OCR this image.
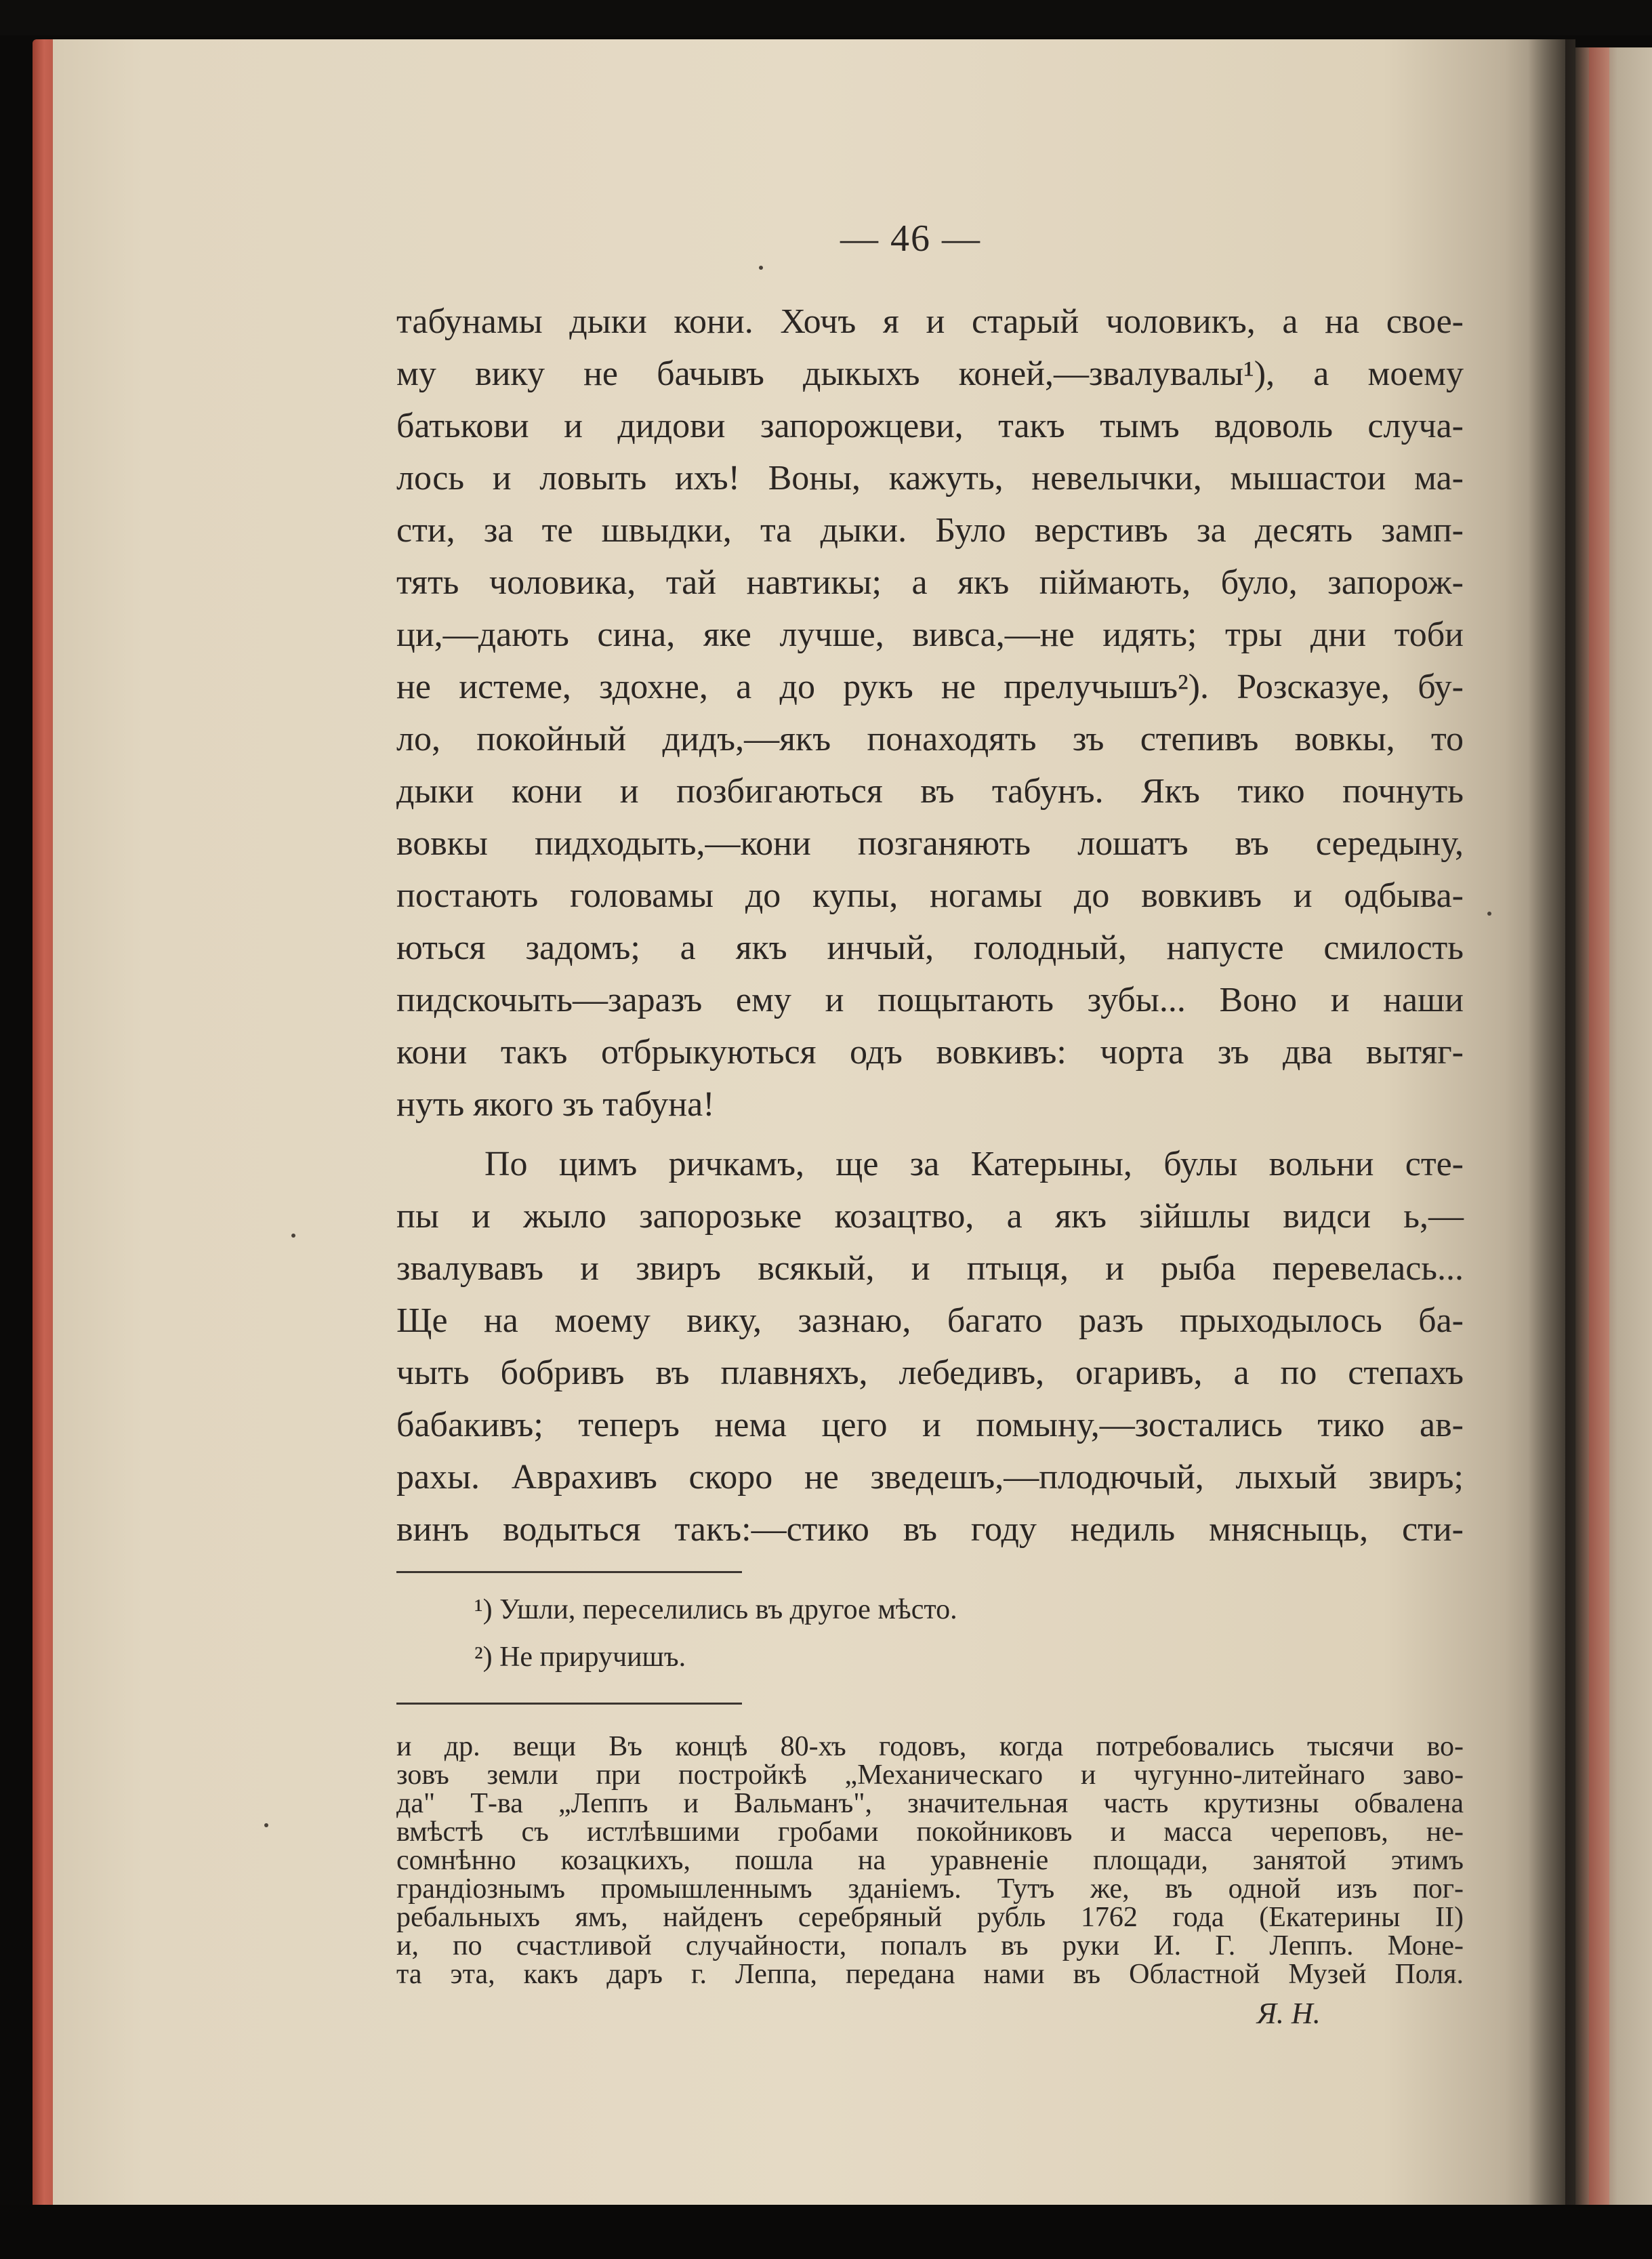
— 46 —
табунамы дыки кони. Хочъ я и старый чоловикъ, а на свое-
му вику не бачывъ дыкыхъ коней,—звалувалы¹), а моему
батькови и дидови запорожцеви, такъ тымъ вдоволь случа-
лось и ловыть ихъ! Воны, кажуть, невелычки, мышастои ма-
сти, за те швыдки, та дыки. Було верстивъ за десять замп-
тять чоловика, тай навтикы; а якъ пiймають, було, запорож-
ци,—дають сина, яке лучше, вивса,—не идять; тры дни тоби
не истеме, здохне, а до рукъ не прелучышъ²). Розсказуе, бу-
ло, покойный дидъ,—якъ понаходять зъ степивъ вовкы, то
дыки кони и позбигаються въ табунъ. Якъ тико почнуть
вовкы пидходыть,—кони позганяють лошатъ въ середыну,
постають головамы до купы, ногамы до вовкивъ и одбыва-
ються задомъ; а якъ инчый, голодный, напусте смилость
пидскочыть—заразъ ему и пощытають зубы... Воно и наши
кони такъ отбрыкуються одъ вовкивъ: чорта зъ два вытяг-
нуть якого зъ табуна!
По цимъ ричкамъ, ще за Катерыны, булы вольни сте-
пы и жыло запорозьке козацтво, а якъ зiйшлы видси ь,—
звалувавъ и звиръ всякый, и птыця, и рыба перевелась...
Ще на моему вику, зазнаю, багато разъ прыходылось ба-
чыть бобривъ въ плавняхъ, лебедивъ, огаривъ, а по степахъ
бабакивъ; теперъ нема цего и помыну,—зостались тико ав-
рахы. Аврахивъ скоро не зведешъ,—плодючый, лыхый звиръ;
винъ водыться такъ:—стико въ году недиль мнясныць, сти-
¹) Ушли, переселились въ другое мѣсто.
²) Не приручишъ.
и др. вещи Въ концѣ 80-хъ годовъ, когда потребовались тысячи во-
зовъ земли при постройкѣ „Механическаго и чугунно-литейнаго заво-
да" Т-ва „Лeппъ и Вальманъ", значительная часть крутизны обвалена
вмѣстѣ съ истлѣвшими гробами покойниковъ и масса череповъ, не-
сомнѣнно козацкихъ, пошла на уравненiе площади, занятой этимъ
грандiознымъ промышленнымъ зданiемъ. Тутъ же, въ одной изъ пог-
ребальныхъ ямъ, найденъ серебряный рубль 1762 года (Екатерины II)
и, по счастливой случайности, попалъ въ руки И. Г. Леппъ. Моне-
та эта, какъ даръ г. Леппа, передана нами въ Областной Музей Поля.
Я. Н.
